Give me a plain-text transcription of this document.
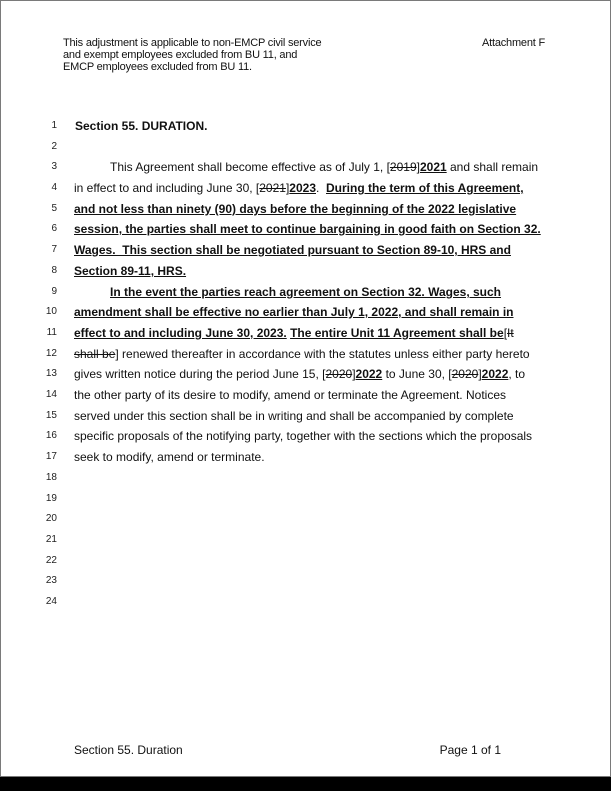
This adjustment is applicable to non-EMCP civil service
and exempt employees excluded from BU 11, and
EMCP employees excluded from BU 11.
Attachment F
1
2
3
4
5
6
7
8
9
10
11
12
13
14
15
16
17
18
19
20
21
22
23
24
Section 55. DURATION.
This Agreement shall become effective as of July 1, [2019]2021 and shall remain
in effect to and including June 30, [2021]2023.  During the term of this Agreement,
and not less than ninety (90) days before the beginning of the 2022 legislative
session, the parties shall meet to continue bargaining in good faith on Section 32.
Wages.  This section shall be negotiated pursuant to Section 89-10, HRS and
Section 89-11, HRS.
In the event the parties reach agreement on Section 32. Wages, such
amendment shall be effective no earlier than July 1, 2022, and shall remain in
effect to and including June 30, 2023. The entire Unit 11 Agreement shall be[It
shall be] renewed thereafter in accordance with the statutes unless either party hereto
gives written notice during the period June 15, [2020]2022 to June 30, [2020]2022, to
the other party of its desire to modify, amend or terminate the Agreement. Notices
served under this section shall be in writing and shall be accompanied by complete
specific proposals of the notifying party, together with the sections which the proposals
seek to modify, amend or terminate.
Section 55. Duration	Page 1 of 1
